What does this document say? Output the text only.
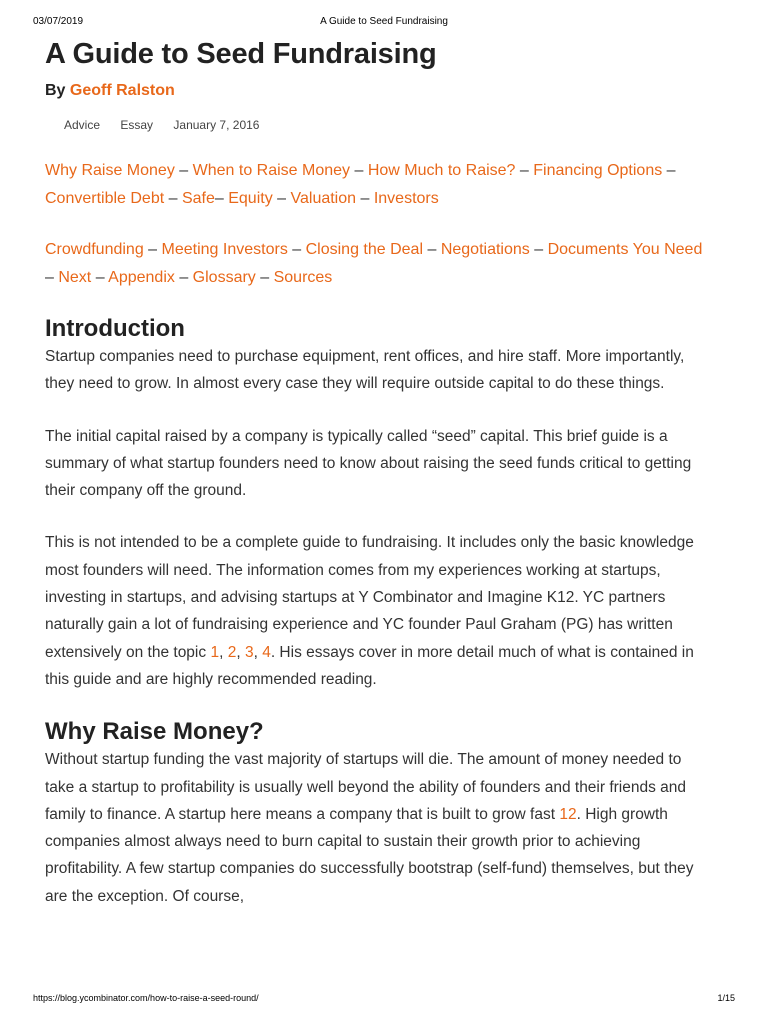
03/07/2019	A Guide to Seed Fundraising
A Guide to Seed Fundraising
By Geoff Ralston
Advice Essay January 7, 2016

Why Raise Money – When to Raise Money – How Much to Raise? – Financing Options – Convertible Debt – Safe– Equity – Valuation – Investors

Crowdfunding – Meeting Investors – Closing the Deal – Negotiations – Documents You Need – Next – Appendix – Glossary – Sources

Introduction

Startup companies need to purchase equipment, rent offices, and hire staff. More importantly, they need to grow. In almost every case they will require outside capital to do these things.

The initial capital raised by a company is typically called “seed” capital. This brief guide is a summary of what startup founders need to know about raising the seed funds critical to getting their company off the ground.

This is not intended to be a complete guide to fundraising. It includes only the basic knowledge most founders will need. The information comes from my experiences working at startups, investing in startups, and advising startups at Y Combinator and Imagine K12. YC partners naturally gain a lot of fundraising experience and YC founder Paul Graham (PG) has written extensively on the topic 1, 2, 3, 4. His essays cover in more detail much of what is contained in this guide and are highly recommended reading.

Why Raise Money?

Without startup funding the vast majority of startups will die. The amount of money needed to take a startup to profitability is usually well beyond the ability of founders and their friends and family to finance. A startup here means a company that is built to grow fast 12. High growth companies almost always need to burn capital to sustain their growth prior to achieving profitability. A few startup companies do successfully bootstrap (self-fund) themselves, but they are the exception. Of course,

https://blog.ycombinator.com/how-to-raise-a-seed-round/	1/15
